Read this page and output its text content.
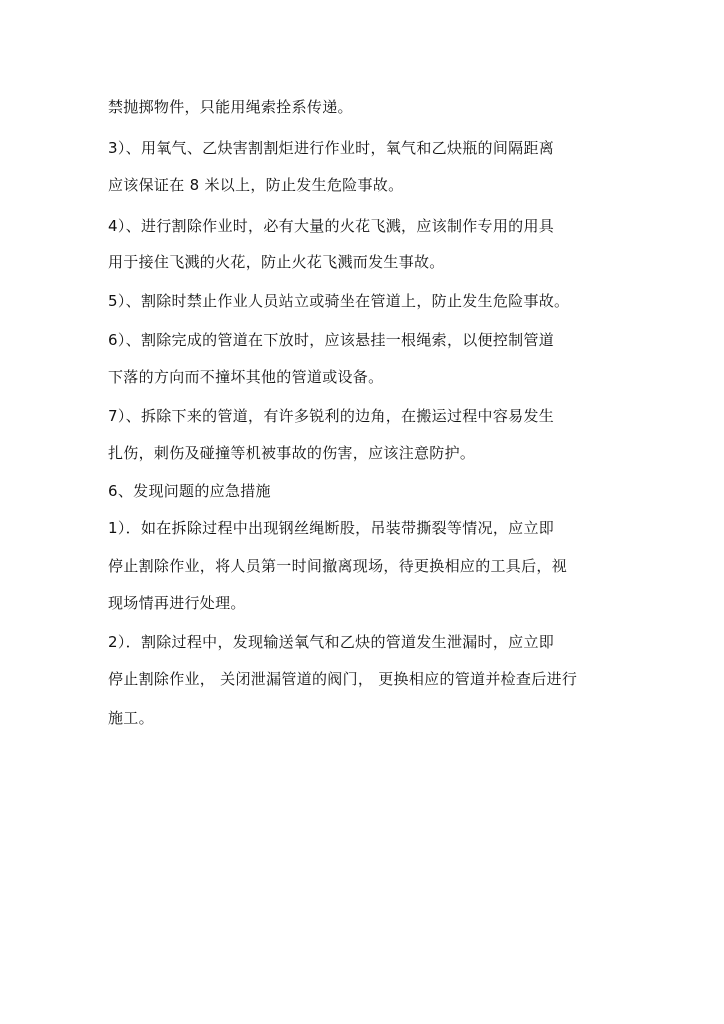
禁抛掷物件，只能用绳索拴系传递。
3）、用氧气、乙炔害割割炬进行作业时，氧气和乙炔瓶的间隔距离
应该保证在 8 米以上，防止发生危险事故。
4）、进行割除作业时，必有大量的火花飞溅，应该制作专用的用具
用于接住飞溅的火花，防止火花飞溅而发生事故。
5）、割除时禁止作业人员站立或骑坐在管道上，防止发生危险事故。
6）、割除完成的管道在下放时，应该悬挂一根绳索，以便控制管道
下落的方向而不撞坏其他的管道或设备。
7）、拆除下来的管道，有许多锐利的边角，在搬运过程中容易发生
扎伤，刺伤及碰撞等机被事故的伤害，应该注意防护。
6、发现问题的应急措施
1）．如在拆除过程中出现钢丝绳断股，吊装带撕裂等情况，应立即
停止割除作业，将人员第一时间撤离现场，待更换相应的工具后，视
现场情再进行处理。
2）．割除过程中，发现输送氧气和乙炔的管道发生泄漏时，应立即
停止割除作业， 关闭泄漏管道的阀门， 更换相应的管道并检查后进行
施工。
